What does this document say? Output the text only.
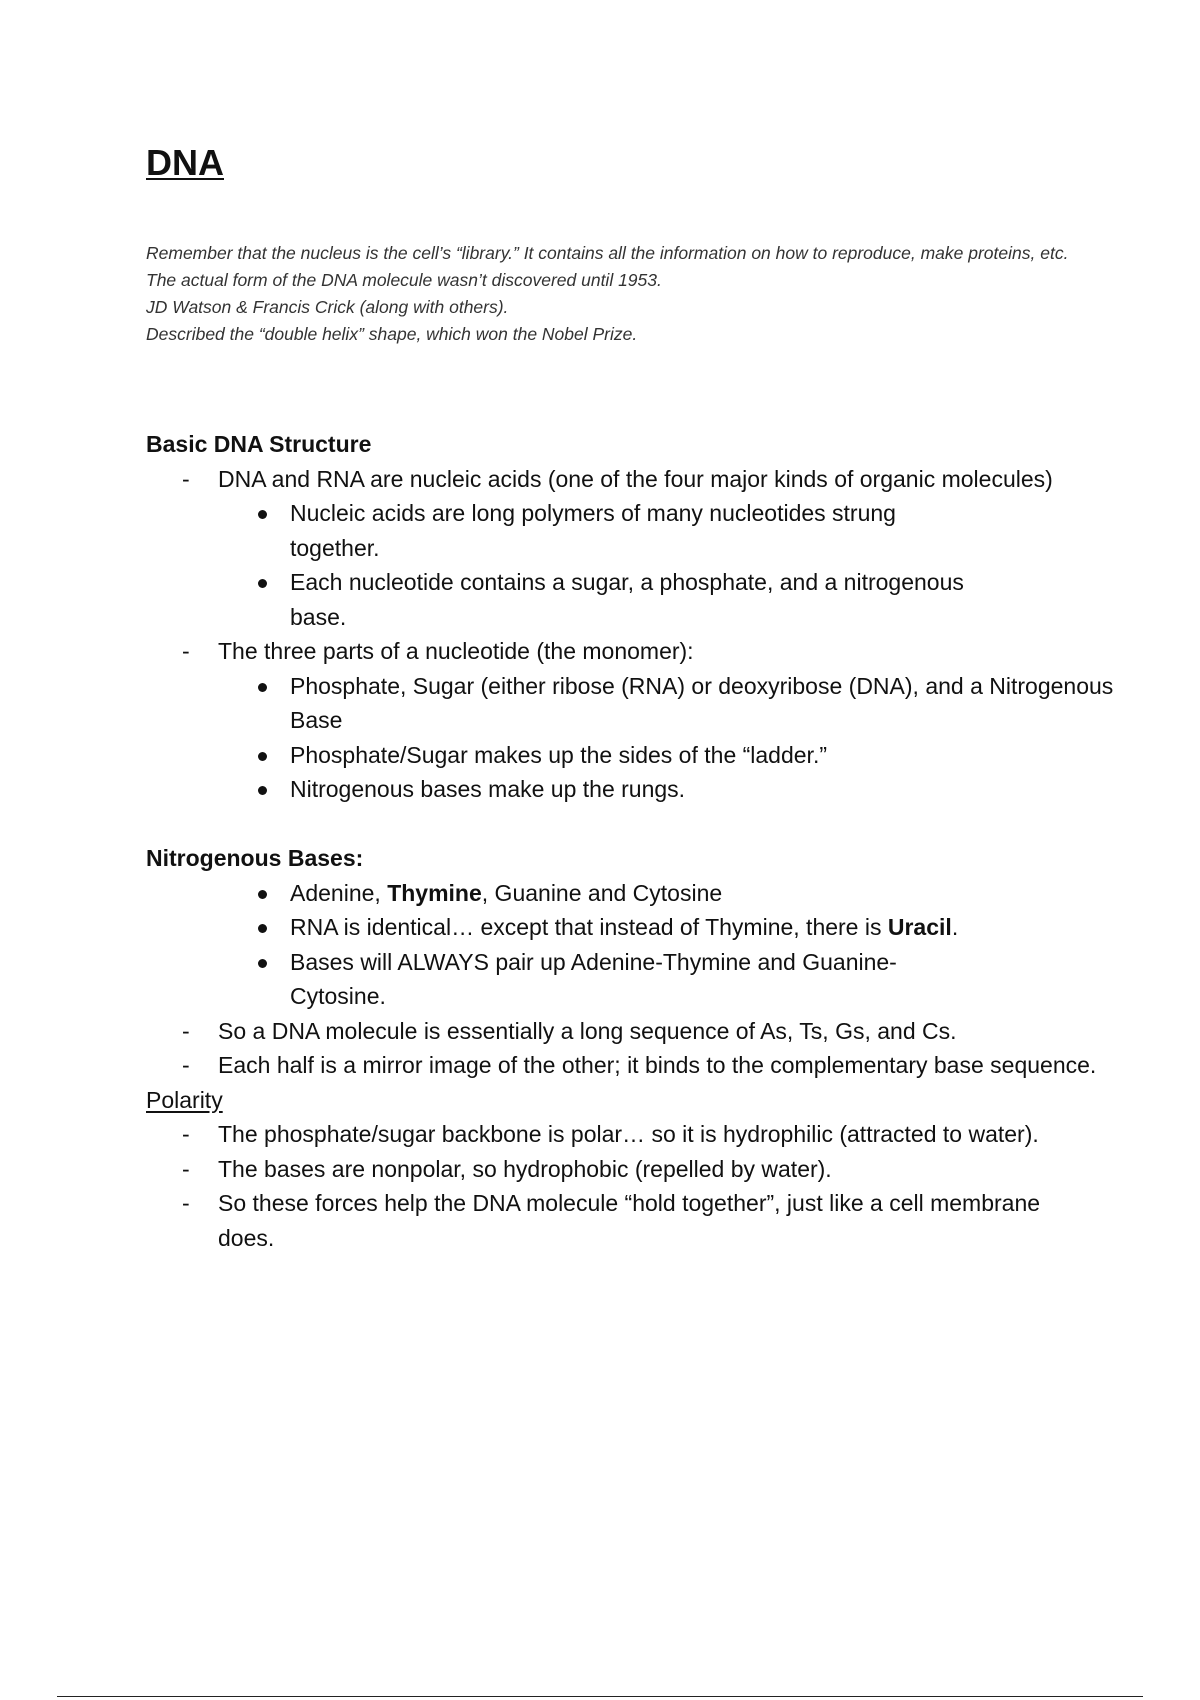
DNA

Remember that the nucleus is the cell’s “library.” It contains all the information on how to reproduce, make proteins, etc.

The actual form of the DNA molecule wasn’t discovered until 1953.

JD Watson & Francis Crick (along with others).

Described the “double helix” shape, which won the Nobel Prize.

Basic DNA Structure

- DNA and RNA are nucleic acids (one of the four major kinds of organic molecules)

Nucleic acids are long polymers of many nucleotides strung together.

Each nucleotide contains a sugar, a phosphate, and a nitrogenous base.

- The three parts of a nucleotide (the monomer):

Phosphate, Sugar (either ribose (RNA) or deoxyribose (DNA), and a Nitrogenous Base

Phosphate/Sugar makes up the sides of the “ladder.”

Nitrogenous bases make up the rungs.

Nitrogenous Bases:

Adenine, Thymine, Guanine and Cytosine

RNA is identical… except that instead of Thymine, there is Uracil.

Bases will ALWAYS pair up Adenine-Thymine and Guanine-Cytosine.

- So a DNA molecule is essentially a long sequence of As, Ts, Gs, and Cs.

- Each half is a mirror image of the other; it binds to the complementary base sequence.

Polarity

- The phosphate/sugar backbone is polar… so it is hydrophilic (attracted to water).

- The bases are nonpolar, so hydrophobic (repelled by water).

- So these forces help the DNA molecule “hold together”, just like a cell membrane does.
